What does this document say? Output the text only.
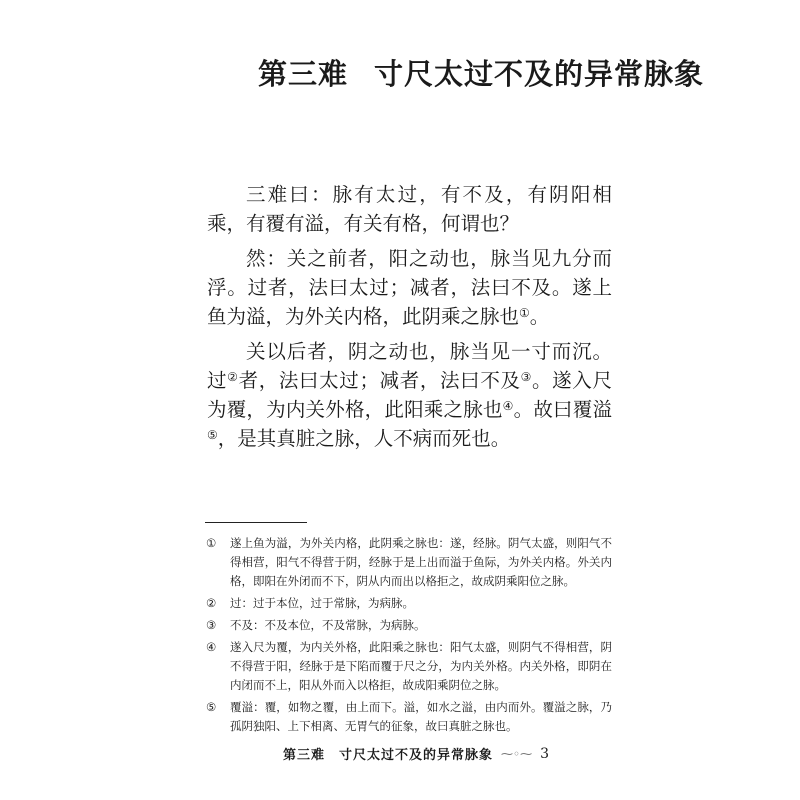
第三难 寸尺太过不及的异常脉象

三难曰：脉有太过，有不及，有阴阳相乘，有覆有溢，有关有格，何谓也？

然：关之前者，阳之动也，脉当见九分而浮。过者，法曰太过；减者，法曰不及。遂上鱼为溢，为外关内格，此阴乘之脉也①。

关以后者，阴之动也，脉当见一寸而沉。过②者，法曰太过；减者，法曰不及③。遂入尺为覆，为内关外格，此阳乘之脉也④。故曰覆溢⑤，是其真脏之脉，人不病而死也。

①	遂上鱼为溢，为外关内格，此阴乘之脉也：遂，经脉。阴气太盛，则阳气不得相营，阳气不得营于阴，经脉于是上出而溢于鱼际，为外关内格。外关内格，即阳在外闭而不下，阴从内而出以格拒之，故成阴乘阳位之脉。
②	过：过于本位，过于常脉，为病脉。
③	不及：不及本位，不及常脉，为病脉。
④	遂入尺为覆，为内关外格，此阳乘之脉也：阳气太盛，则阴气不得相营，阴不得营于阳，经脉于是下陷而覆于尺之分，为内关外格。内关外格，即阴在内闭而不上，阳从外而入以格拒，故成阳乘阴位之脉。
⑤	覆溢：覆，如物之覆，由上而下。溢，如水之溢，由内而外。覆溢之脉，乃孤阴独阳、上下相离、无胃气的征象，故曰真脏之脉也。
第三难　寸尺太过不及的异常脉象 ⁓◦⁓ 3
